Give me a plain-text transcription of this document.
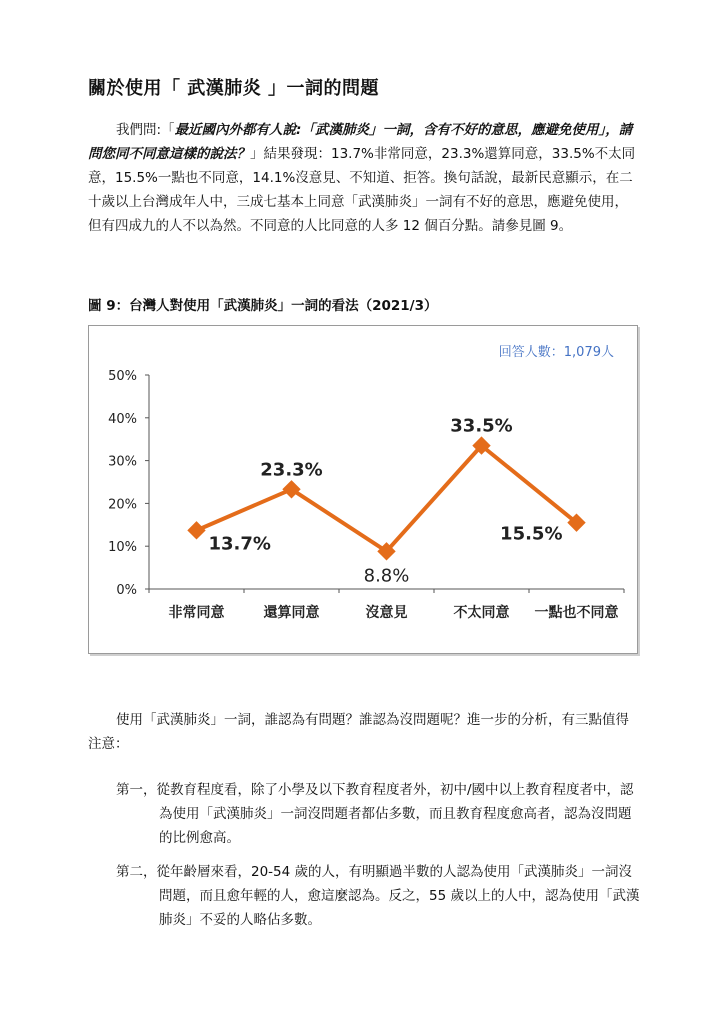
關於使用「 武漢肺炎 」一詞的問題
我們問:「最近國內外都有人說:「武漢肺炎」一詞，含有不好的意思，應避免使用」，請問您同不同意這樣的說法？」結果發現：13.7%非常同意，23.3%還算同意，33.5%不太同意，15.5%一點也不同意，14.1%沒意見、不知道、拒答。換句話說，最新民意顯示，在二十歲以上台灣成年人中，三成七基本上同意「武漢肺炎」一詞有不好的意思，應避免使用，但有四成九的人不以為然。不同意的人比同意的人多 12 個百分點。請參見圖 9。
圖 9：台灣人對使用「武漢肺炎」一詞的看法（2021/3）
回答人數：1,079人
0%
10%
20%
30%
40%
50%
非常同意	還算同意	沒意見	不太同意 一點也不同意
13.7%
23.3%
8.8%
33.5%
15.5%
使用「武漢肺炎」一詞，誰認為有問題？誰認為沒問題呢？進一步的分析，有三點值得注意：
第一，從教育程度看，除了小學及以下教育程度者外，初中/國中以上教育程度者中，認為使用「武漢肺炎」一詞沒問題者都佔多數，而且教育程度愈高者，認為沒問題的比例愈高。
第二，從年齡層來看，20-54 歲的人，有明顯過半數的人認為使用「武漢肺炎」一詞沒問題，而且愈年輕的人，愈這麼認為。反之，55 歲以上的人中，認為使用「武漢肺炎」不妥的人略佔多數。
